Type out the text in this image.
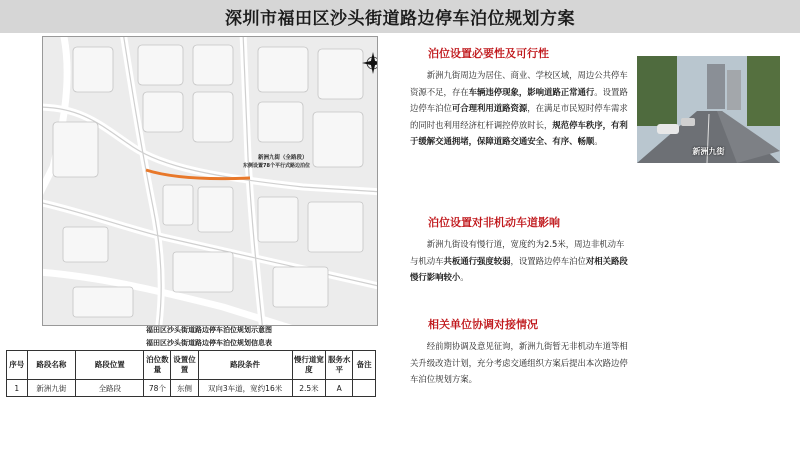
深圳市福田区沙头街道路边停车泊位规划方案
新洲九街（全路段）
东侧设置78个平行式路边泊位
福田区沙头街道路边停车泊位规划示意图
福田区沙头街道路边停车泊位规划信息表
序号	路段名称	路段位置	泊位数量	设置位置	路段条件	慢行道宽度	服务水平	备注
1	新洲九街	全路段	78个	东侧	双向3车道，宽约16米	2.5米	A	
新洲九街
泊位设置必要性及可行性
新洲九街周边为居住、商业、学校区域，周边公共停车资源不足，存在车辆违停现象，影响道路正常通行。设置路边停车泊位可合理利用道路资源，在满足市民短时停车需求的同时也利用经济杠杆调控停放时长，规范停车秩序，有利于缓解交通拥堵，保障道路交通安全、有序、畅顺。
泊位设置对非机动车道影响
新洲九街设有慢行道，宽度约为2.5米，周边非机动车与机动车共板通行强度较弱，设置路边停车泊位对相关路段慢行影响较小。
相关单位协调对接情况
经前期协调及意见征询，新洲九街暂无非机动车道等相关升级改造计划，充分考虑交通组织方案后提出本次路边停车泊位规划方案。
